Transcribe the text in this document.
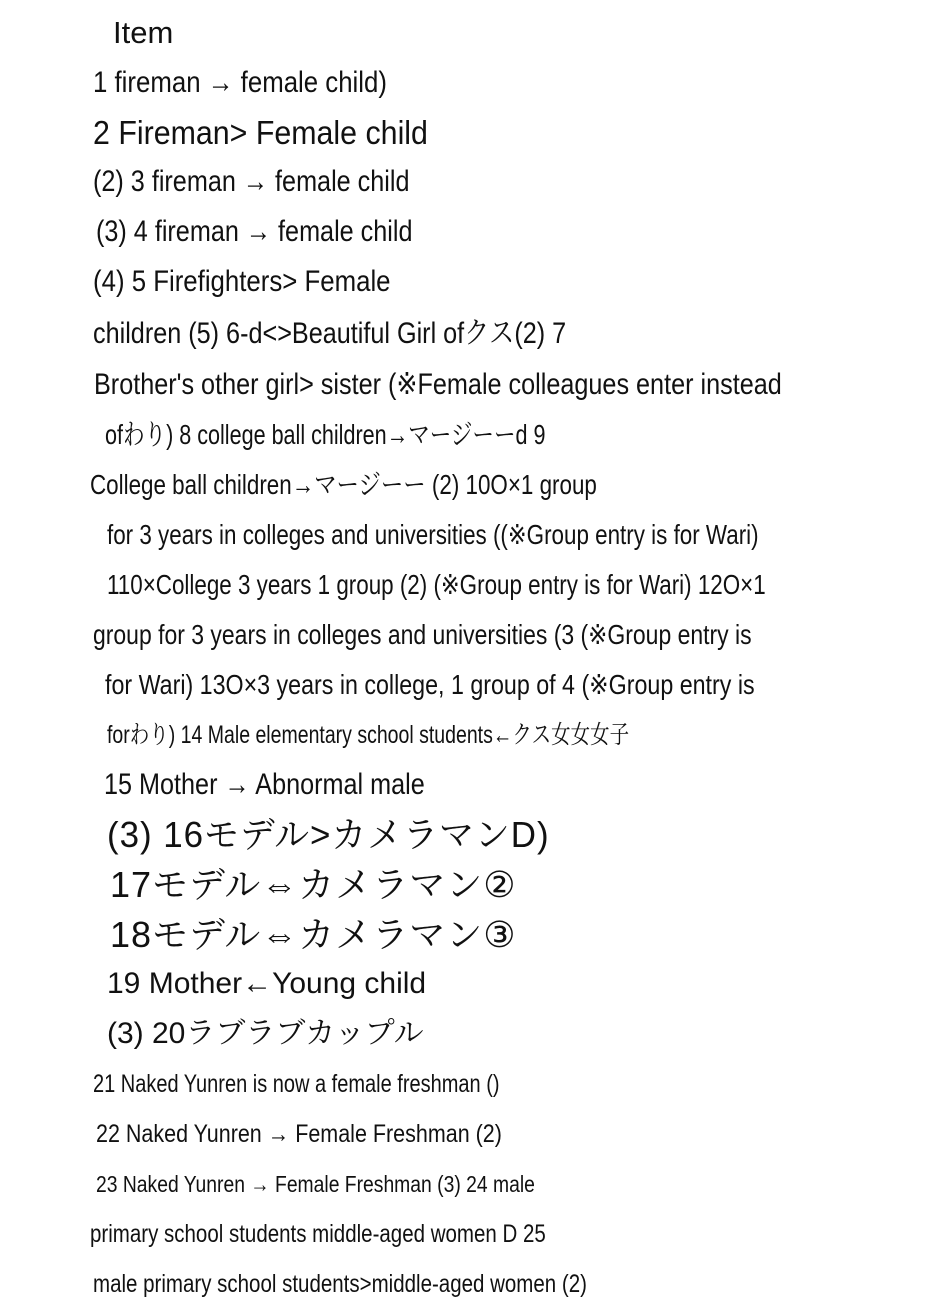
Item
1 fireman → female child)
2 Fireman> Female child
(2) 3 fireman → female child
(3) 4 fireman → female child
(4) 5 Firefighters> Female
children (5) 6-d<>Beautiful Girl ofクス(2) 7
Brother's other girl> sister (※Female colleagues enter instead
ofわり) 8 college ball children→マージーーd 9
College ball children→マージーー (2) 10O×1 group
for 3 years in colleges and universities ((※Group entry is for Wari)
110×College 3 years 1 group (2) (※Group entry is for Wari) 12O×1
group for 3 years in colleges and universities (3 (※Group entry is
for Wari) 13O×3 years in college, 1 group of 4 (※Group entry is
forわり) 14 Male elementary school students←クス女女女子
15 Mother → Abnormal male
(3) 16モデル>カメラマンD)
17モデル⇔カメラマン②
18モデル⇔カメラマン③
19 Mother←Young child
(3) 20ラブラブカップル
21 Naked Yunren is now a female freshman ()
22 Naked Yunren → Female Freshman (2)
23 Naked Yunren → Female Freshman (3) 24 male
primary school students middle-aged women D 25
male primary school students>middle-aged women (2)
